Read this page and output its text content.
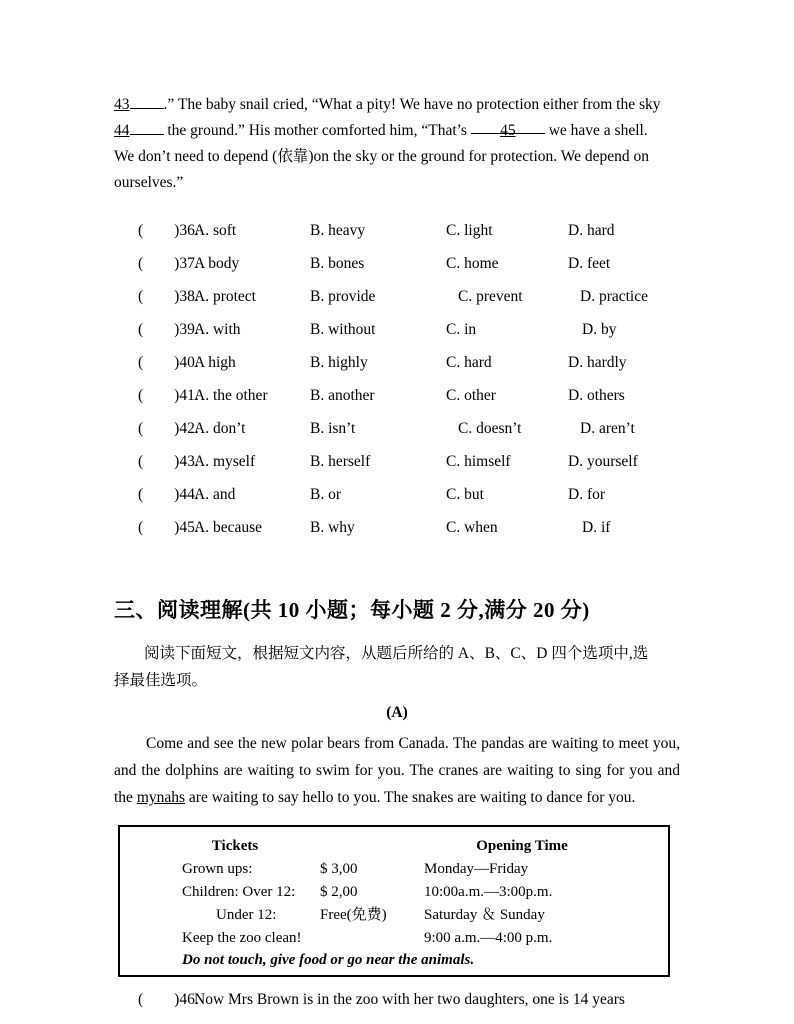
43 .” The baby snail cried, “What a pity! We have no protection either from the sky
44 the ground.” His mother comforted him, “That’s 45 we have a shell.
We don’t need to depend (依靠)on the sky or the ground for protection. We depend on
ourselves.”
(        )36.
A. soft	B. heavy	C. light	D. hard
(        )37.
A body	B. bones	C. home	D. feet
(        )38.
A. protect	B. provide	C. prevent	D. practice
(        )39.
A. with	B. without	C. in	D. by
(        )40.
A high	B. highly	C. hard	D. hardly
(        )41.
A. the other	B. another	C. other	D. others
(        )42.
A. don’t	B. isn’t	C. doesn’t	D. aren’t
(        )43.
A. myself	B. herself	C. himself	D. yourself
(        )44.
A. and	B. or	C. but	D. for
(        )45.
A. because	B. why	C. when	D. if
三、阅读理解(共 10 小题；每小题 2 分,满分 20 分)
阅读下面短文，根据短文内容，从题后所给的 A、B、C、D 四个选项中,选
择最佳选项。
(A)
Come and see the new polar bears from Canada. The pandas are waiting to meet you, and the dolphins are waiting to swim for you. The cranes are waiting to sing for you and the mynahs are waiting to say hello to you. The snakes are waiting to dance for you.
Tickets	Opening Time
Grown ups:	$ 3,00	Monday—Friday
Children: Over 12:	$ 2,00	10:00a.m.—3:00p.m.
Under 12:	Free(免费)	Saturday ＆ Sunday
Keep the zoo clean!	9:00 a.m.—4:00 p.m.
Do not touch, give food or go near the animals.
(        )46.
Now Mrs Brown is in the zoo with her two daughters, one is 14 years
